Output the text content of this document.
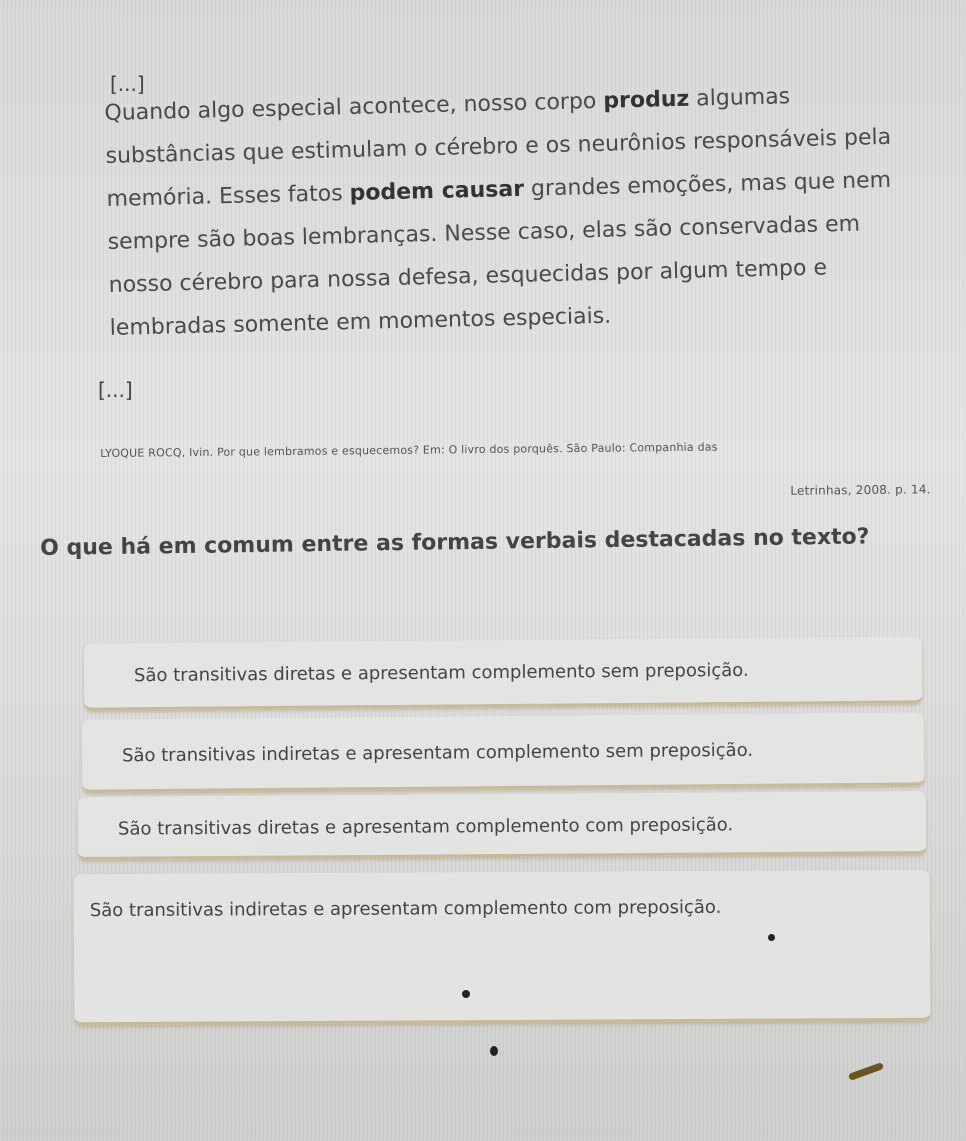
[...]
Quando algo especial acontece, nosso corpo produz algumas substâncias que estimulam o cérebro e os neurônios responsáveis pela memória. Esses fatos podem causar grandes emoções, mas que nem sempre são boas lembranças. Nesse caso, elas são conservadas em nosso cérebro para nossa defesa, esquecidas por algum tempo e lembradas somente em momentos especiais.
[...]
LYOQUE ROCQ, Ivin. Por que lembramos e esquecemos? Em: O livro dos porquês. São Paulo: Companhia das
Letrinhas, 2008. p. 14.
O que há em comum entre as formas verbais destacadas no texto?
São transitivas diretas e apresentam complemento sem preposição.
São transitivas indiretas e apresentam complemento sem preposição.
São transitivas diretas e apresentam complemento com preposição.
São transitivas indiretas e apresentam complemento com preposição.
